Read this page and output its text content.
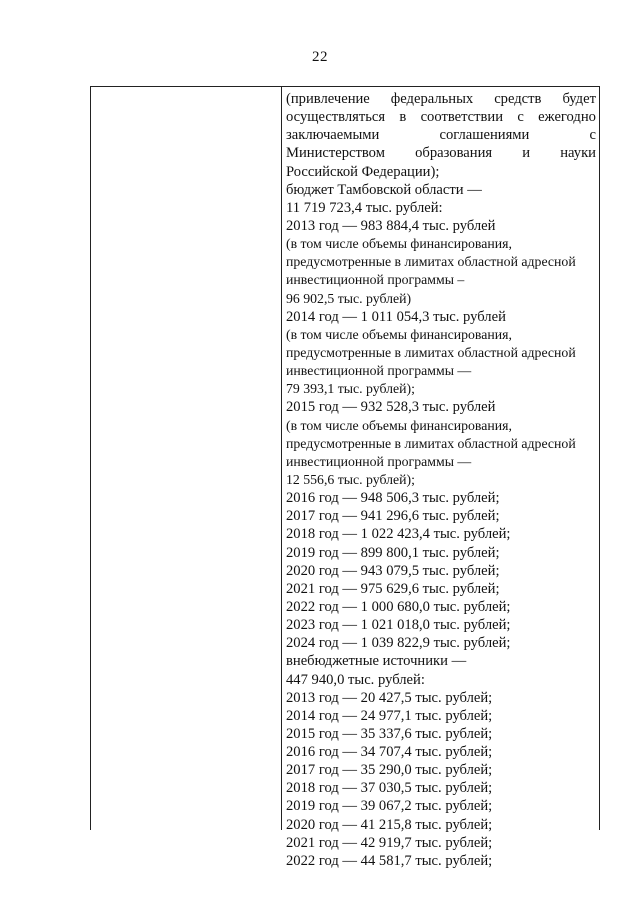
22
(привлечение федеральных средств будет
осуществляться в соответствии с ежегодно
заключаемыми	соглашениями	с
Министерством образования и науки
Российской Федерации);
бюджет Тамбовской области —
11 719 723,4 тыс. рублей:
2013 год — 983 884,4 тыс. рублей
(в том числе объемы финансирования,
предусмотренные в лимитах областной адресной
инвестиционной программы –
96 902,5 тыс. рублей)
2014 год — 1 011 054,3 тыс. рублей
(в том числе объемы финансирования,
предусмотренные в лимитах областной адресной
инвестиционной программы —
79 393,1 тыс. рублей);
2015 год — 932 528,3 тыс. рублей
(в том числе объемы финансирования,
предусмотренные в лимитах областной адресной
инвестиционной программы —
12 556,6 тыс. рублей);
2016 год — 948 506,3 тыс. рублей;
2017 год — 941 296,6 тыс. рублей;
2018 год — 1 022 423,4 тыс. рублей;
2019 год — 899 800,1 тыс. рублей;
2020 год — 943 079,5 тыс. рублей;
2021 год — 975 629,6 тыс. рублей;
2022 год — 1 000 680,0 тыс. рублей;
2023 год — 1 021 018,0 тыс. рублей;
2024 год — 1 039 822,9 тыс. рублей;
внебюджетные источники —
447 940,0 тыс. рублей:
2013 год — 20 427,5 тыс. рублей;
2014 год — 24 977,1 тыс. рублей;
2015 год — 35 337,6 тыс. рублей;
2016 год — 34 707,4 тыс. рублей;
2017 год — 35 290,0 тыс. рублей;
2018 год — 37 030,5 тыс. рублей;
2019 год — 39 067,2 тыс. рублей;
2020 год — 41 215,8 тыс. рублей;
2021 год — 42 919,7 тыс. рублей;
2022 год — 44 581,7 тыс. рублей;
